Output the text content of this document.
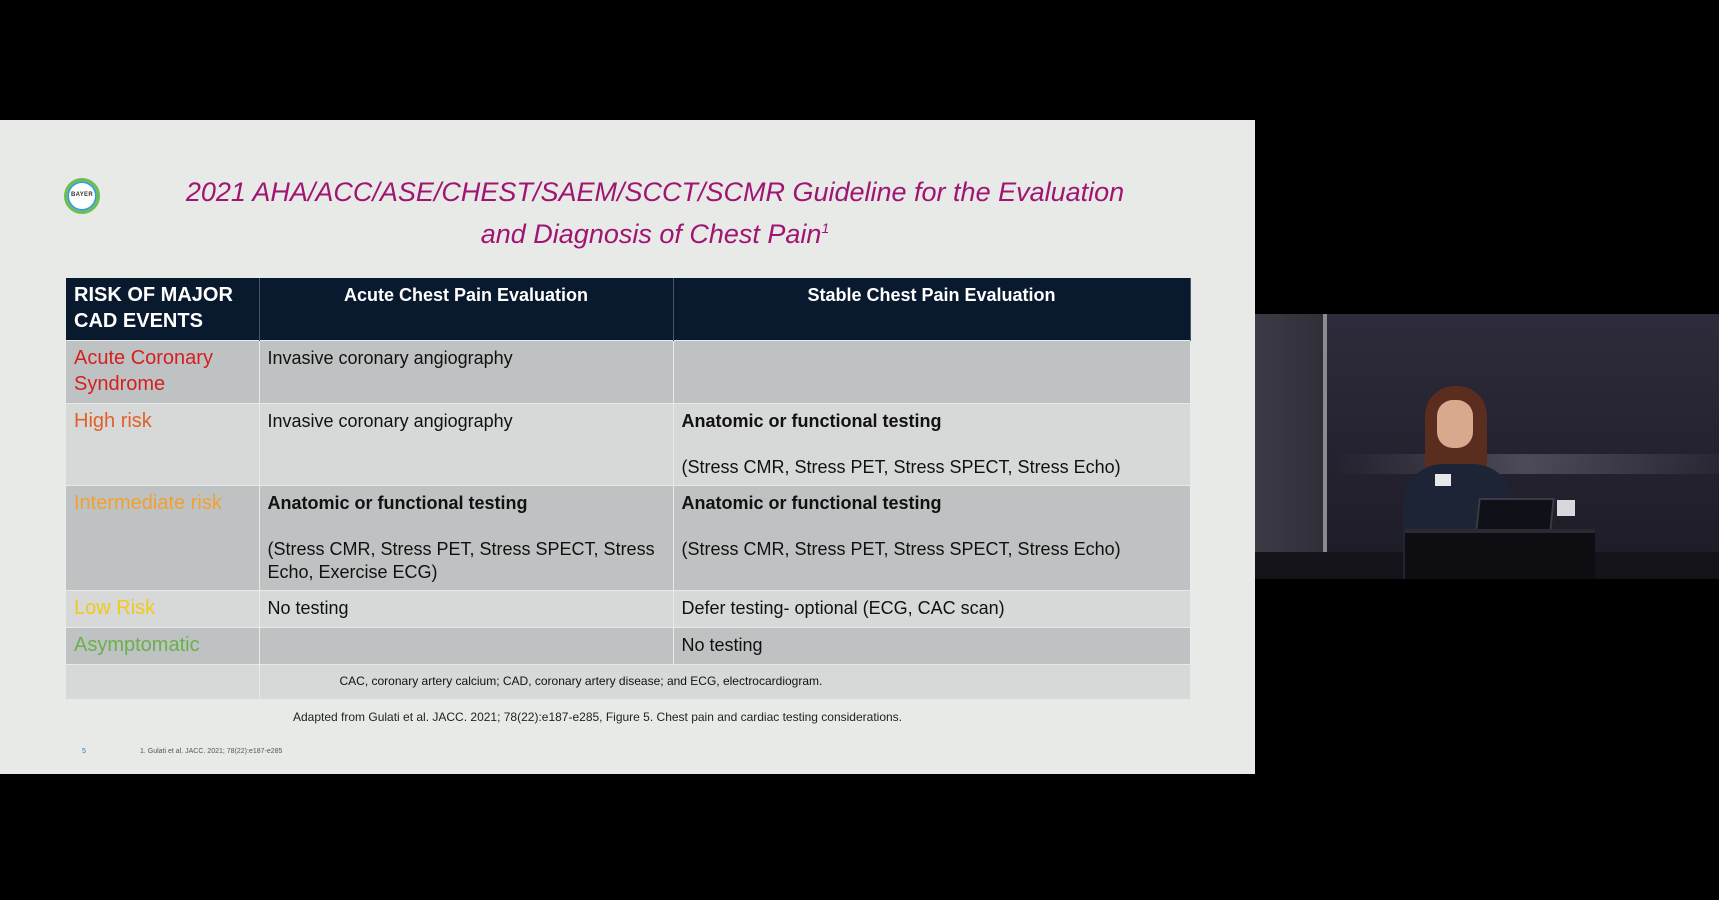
BAYER	2021 AHA/ACC/ASE/CHEST/SAEM/SCCT/SCMR Guideline for the Evaluation
and Diagnosis of Chest Pain$^1$
RISK OF MAJOR CAD EVENTS	Acute Chest Pain Evaluation	Stable Chest Pain Evaluation
Acute Coronary Syndrome	Invasive coronary angiography	
High risk	Invasive coronary angiography	Anatomic or functional testing
(Stress CMR, Stress PET, Stress SPECT, Stress Echo)
Intermediate risk	Anatomic or functional testing
(Stress CMR, Stress PET, Stress SPECT, Stress Echo, Exercise ECG)	Anatomic or functional testing
(Stress CMR, Stress PET, Stress SPECT, Stress Echo)
Low Risk	No testing	Defer testing- optional (ECG, CAC scan)
Asymptomatic		No testing
	CAC, coronary artery calcium; CAD, coronary artery disease; and ECG, electrocardiogram.	
Adapted from Gulati et al. JACC. 2021; 78(22):e187-e285, Figure 5. Chest pain and cardiac testing considerations.
5	1. Gulati et al. JACC. 2021; 78(22):e187-e285
